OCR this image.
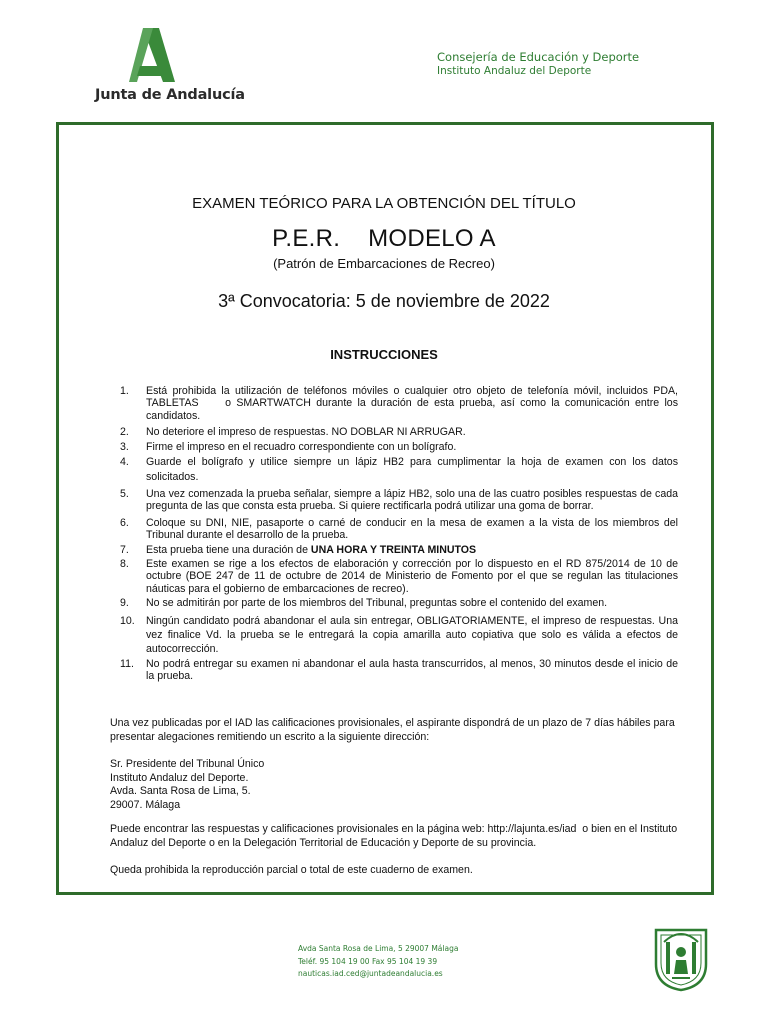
Junta de Andalucía
Consejería de Educación y Deporte
Instituto Andaluz del Deporte
EXAMEN TEÓRICO PARA LA OBTENCIÓN DEL TÍTULO
P.E.R.    MODELO A
(Patrón de Embarcaciones de Recreo)
3ª Convocatoria: 5 de noviembre de 2022
INSTRUCCIONES
1. Está prohibida la utilización de teléfonos móviles o cualquier otro objeto de telefonía móvil, incluidos PDA, TABLETAS     o SMARTWATCH durante la duración de esta prueba, así como la comunicación entre los candidatos.
2. No deteriore el impreso de respuestas. NO DOBLAR NI ARRUGAR.
3. Firme el impreso en el recuadro correspondiente con un bolígrafo.
4. Guarde el bolígrafo y utilice siempre un lápiz HB2 para cumplimentar la hoja de examen con los datos solicitados.
5. Una vez comenzada la prueba señalar, siempre a lápiz HB2, solo una de las cuatro posibles respuestas de cada pregunta de las que consta esta prueba. Si quiere rectificarla podrá utilizar una goma de borrar.
6. Coloque su DNI, NIE, pasaporte o carné de conducir en la mesa de examen a la vista de los miembros del Tribunal durante el desarrollo de la prueba.
7. Esta prueba tiene una duración de UNA HORA Y TREINTA MINUTOS
8. Este examen se rige a los efectos de elaboración y corrección por lo dispuesto en el RD 875/2014 de 10 de octubre (BOE 247 de 11 de octubre de 2014 de Ministerio de Fomento por el que se regulan las titulaciones náuticas para el gobierno de embarcaciones de recreo).
9. No se admitirán por parte de los miembros del Tribunal, preguntas sobre el contenido del examen.
10. Ningún candidato podrá abandonar el aula sin entregar, OBLIGATORIAMENTE, el impreso de respuestas. Una vez finalice Vd. la prueba se le entregará la copia amarilla auto copiativa que solo es válida a efectos de autocorrección.
11. No podrá entregar su examen ni abandonar el aula hasta transcurridos, al menos, 30 minutos desde el inicio de la prueba.
Una vez publicadas por el IAD las calificaciones provisionales, el aspirante dispondrá de un plazo de 7 días hábiles para presentar alegaciones remitiendo un escrito a la siguiente dirección:
Sr. Presidente del Tribunal Único
Instituto Andaluz del Deporte.
Avda. Santa Rosa de Lima, 5.
29007. Málaga
Puede encontrar las respuestas y calificaciones provisionales en la página web: http://lajunta.es/iad  o bien en el Instituto Andaluz del Deporte o en la Delegación Territorial de Educación y Deporte de su provincia.
Queda prohibida la reproducción parcial o total de este cuaderno de examen.
Avda Santa Rosa de Lima, 5 29007 Málaga
Teléf. 95 104 19 00 Fax 95 104 19 39
nauticas.iad.ced@juntadeandalucia.es
